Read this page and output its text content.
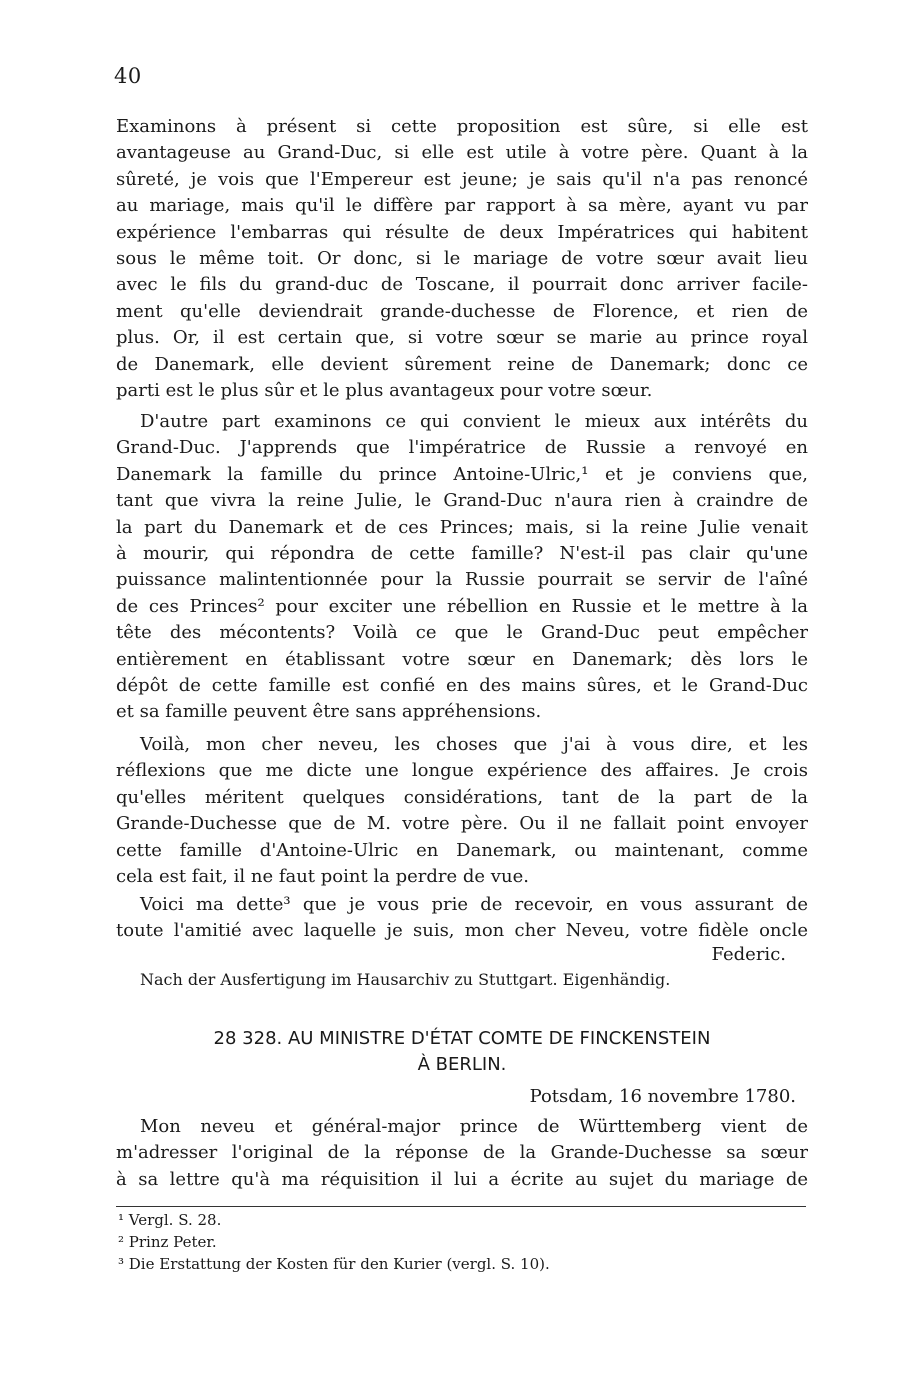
40
Examinons à présent si cette proposition est sûre, si elle est
avantageuse au Grand-Duc, si elle est utile à votre père. Quant à la
sûreté, je vois que l'Empereur est jeune; je sais qu'il n'a pas renoncé
au mariage, mais qu'il le diffère par rapport à sa mère, ayant vu par
expérience l'embarras qui résulte de deux Impératrices qui habitent
sous le même toit. Or donc, si le mariage de votre sœur avait lieu
avec le fils du grand-duc de Toscane, il pourrait donc arriver facile-
ment qu'elle deviendrait grande-duchesse de Florence, et rien de
plus. Or, il est certain que, si votre sœur se marie au prince royal
de Danemark, elle devient sûrement reine de Danemark; donc ce
parti est le plus sûr et le plus avantageux pour votre sœur.
D'autre part examinons ce qui convient le mieux aux intérêts du
Grand-Duc. J'apprends que l'impératrice de Russie a renvoyé en
Danemark la famille du prince Antoine-Ulric,¹ et je conviens que,
tant que vivra la reine Julie, le Grand-Duc n'aura rien à craindre de
la part du Danemark et de ces Princes; mais, si la reine Julie venait
à mourir, qui répondra de cette famille? N'est-il pas clair qu'une
puissance malintentionnée pour la Russie pourrait se servir de l'aîné
de ces Princes² pour exciter une rébellion en Russie et le mettre à la
tête des mécontents? Voilà ce que le Grand-Duc peut empêcher
entièrement en établissant votre sœur en Danemark; dès lors le
dépôt de cette famille est confié en des mains sûres, et le Grand-Duc
et sa famille peuvent être sans appréhensions.
Voilà, mon cher neveu, les choses que j'ai à vous dire, et les
réflexions que me dicte une longue expérience des affaires. Je crois
qu'elles méritent quelques considérations, tant de la part de la
Grande-Duchesse que de M. votre père. Ou il ne fallait point envoyer
cette famille d'Antoine-Ulric en Danemark, ou maintenant, comme
cela est fait, il ne faut point la perdre de vue.
Voici ma dette³ que je vous prie de recevoir, en vous assurant de
toute l'amitié avec laquelle je suis, mon cher Neveu, votre fidèle oncle
Federic.
Nach der Ausfertigung im Hausarchiv zu Stuttgart. Eigenhändig.
28 328. AU MINISTRE D'ÉTAT COMTE DE FINCKENSTEIN
À BERLIN.
Potsdam, 16 novembre 1780.
Mon neveu et général-major prince de Württemberg vient de
m'adresser l'original de la réponse de la Grande-Duchesse sa sœur
à sa lettre qu'à ma réquisition il lui a écrite au sujet du mariage de
¹ Vergl. S. 28.
² Prinz Peter.
³ Die Erstattung der Kosten für den Kurier (vergl. S. 10).
